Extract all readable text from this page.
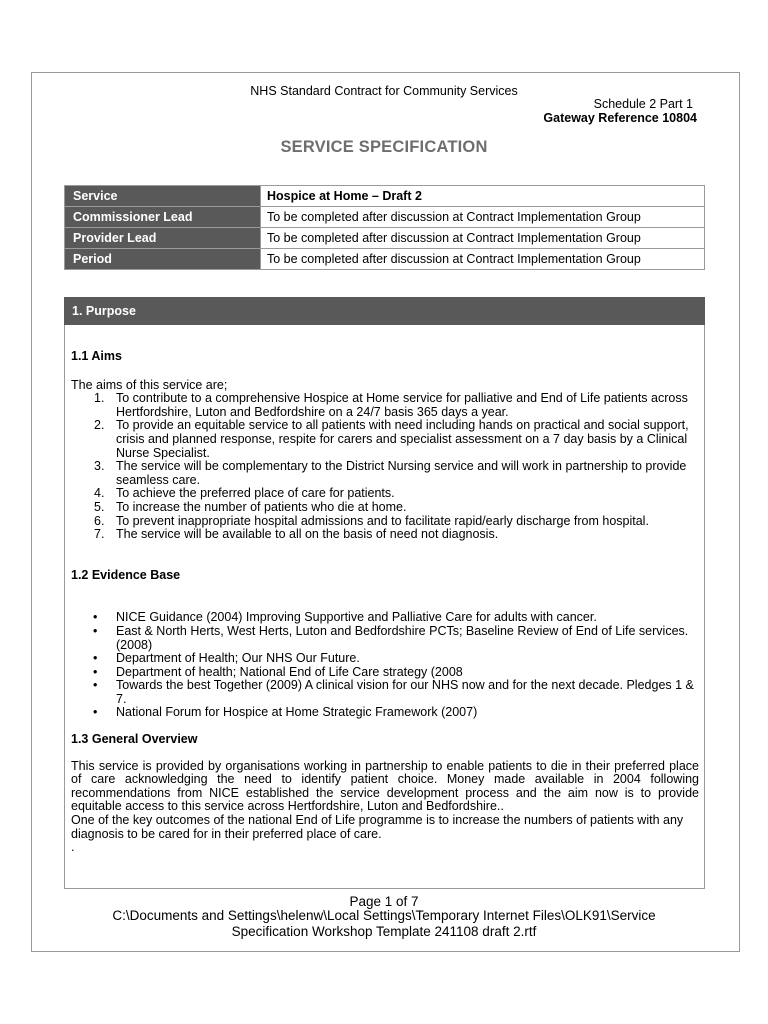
NHS Standard Contract for Community Services
Schedule 2 Part 1
Gateway Reference 10804
SERVICE SPECIFICATION
Service	Hospice at Home – Draft 2
Commissioner Lead	To be completed after discussion at Contract Implementation Group
Provider Lead	To be completed after discussion at Contract Implementation Group
Period	To be completed after discussion at Contract Implementation Group
1. Purpose
1.1 Aims
The aims of this service are;
1. To contribute to a comprehensive Hospice at Home service for palliative and End of Life patients across Hertfordshire, Luton and Bedfordshire on a 24/7 basis 365 days a year.
2. To provide an equitable service to all patients with need including hands on practical and social support, crisis and planned response, respite for carers and specialist assessment on a 7 day basis by a Clinical Nurse Specialist.
3. The service will be complementary to the District Nursing service and will work in partnership to provide seamless care.
4. To achieve the preferred place of care for patients.
5. To increase the number of patients who die at home.
6. To prevent inappropriate hospital admissions and to facilitate rapid/early discharge from hospital.
7. The service will be available to all on the basis of need not diagnosis.
1.2 Evidence Base
• NICE Guidance (2004) Improving Supportive and Palliative Care for adults with cancer.
• East & North Herts, West Herts, Luton and Bedfordshire PCTs; Baseline Review of End of Life services.(2008)
• Department of Health; Our NHS Our Future.
• Department of health; National End of Life Care strategy (2008
• Towards the best Together (2009) A clinical vision for our NHS now and for the next decade. Pledges 1 & 7.
• National Forum for Hospice at Home Strategic Framework (2007)
1.3 General Overview
This service is provided by organisations working in partnership to enable patients to die in their preferred place of care acknowledging the need to identify patient choice. Money made available in 2004 following recommendations from NICE established the service development process and the aim now is to provide equitable access to this service across Hertfordshire, Luton and Bedfordshire..
One of the key outcomes of the national End of Life programme is to increase the numbers of patients with any diagnosis to be cared for in their preferred place of care.
.
Page 1 of 7
C:\Documents and Settings\helenw\Local Settings\Temporary Internet Files\OLK91\Service
Specification Workshop Template 241108 draft 2.rtf
